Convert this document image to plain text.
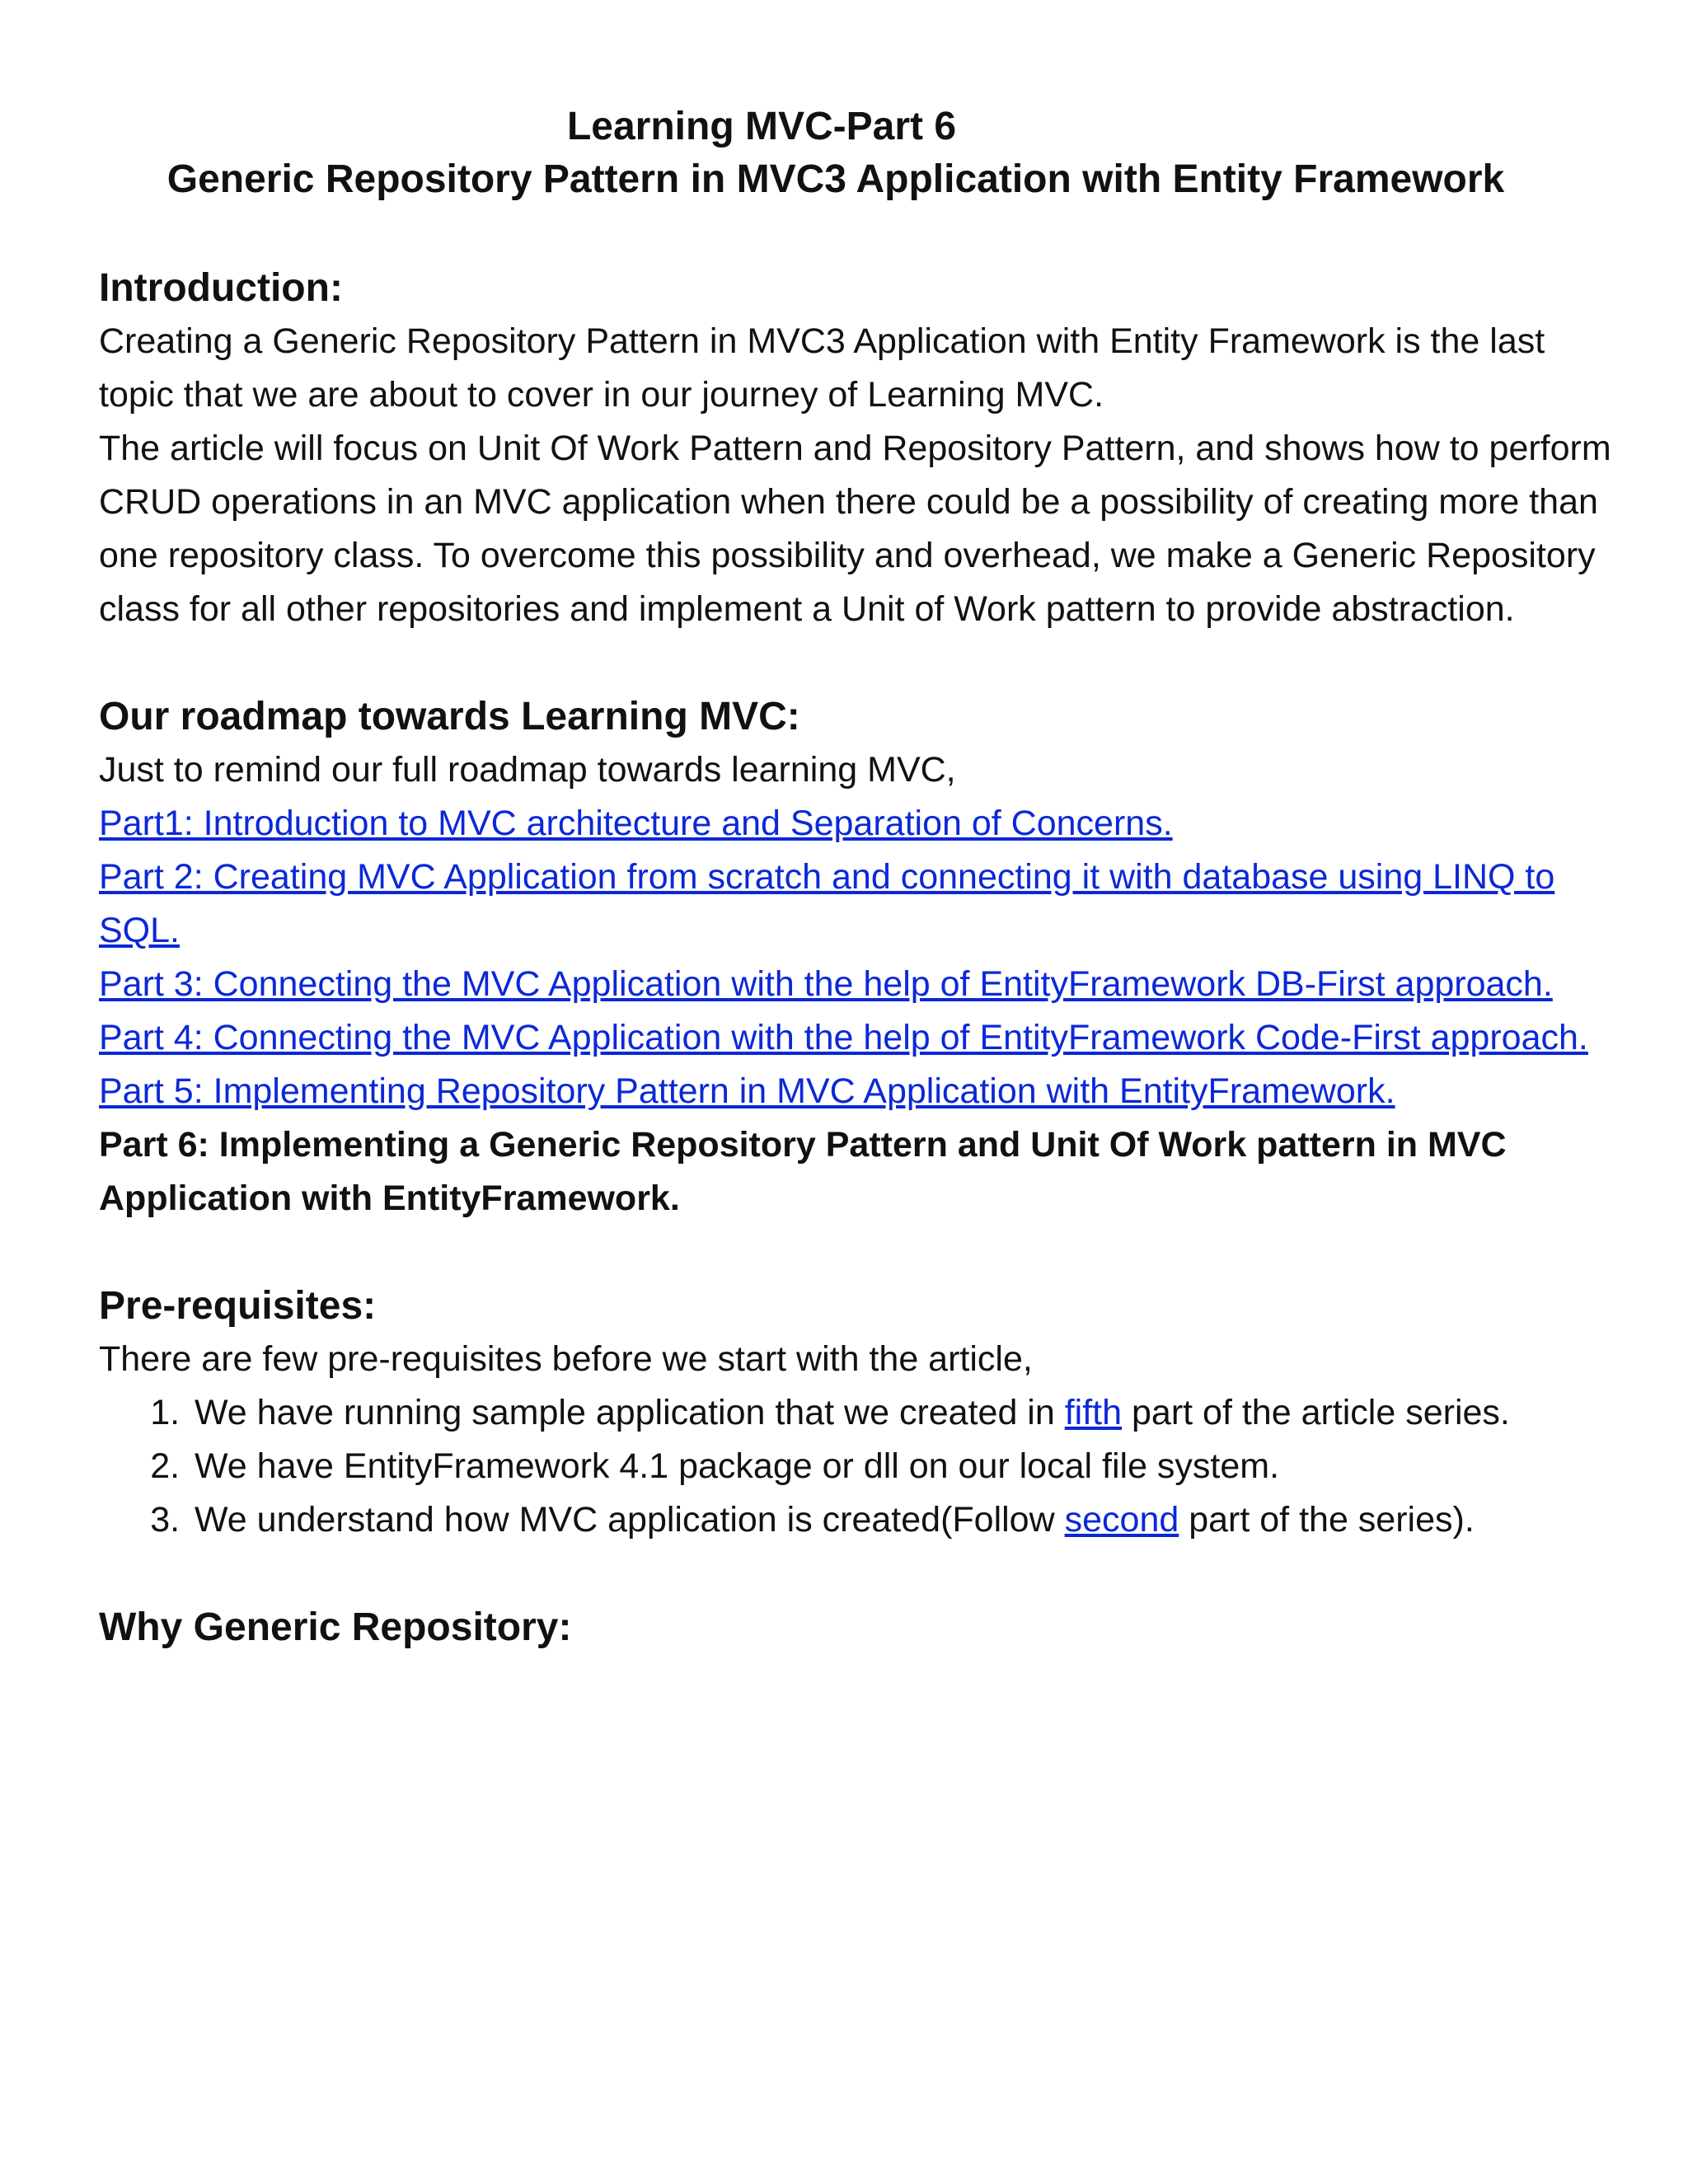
Learning MVC-Part 6
Generic Repository Pattern in MVC3 Application with Entity Framework
Introduction:

Creating a Generic Repository Pattern in MVC3 Application with Entity Framework is the last topic that we are about to cover in our journey of Learning MVC.

The article will focus on Unit Of Work Pattern and Repository Pattern, and shows how to perform CRUD operations in an MVC application when there could be a possibility of creating more than one repository class. To overcome this possibility and overhead, we make a Generic Repository class for all other repositories and implement a Unit of Work pattern to provide abstraction.

Our roadmap towards Learning MVC:

Just to remind our full roadmap towards learning MVC,

Part1: Introduction to MVC architecture and Separation of Concerns.
Part 2: Creating MVC Application from scratch and connecting it with database using LINQ to SQL.
Part 3: Connecting the MVC Application with the help of EntityFramework DB-First approach.
Part 4: Connecting the MVC Application with the help of EntityFramework Code-First approach.
Part 5: Implementing Repository Pattern in MVC Application with EntityFramework.

Part 6: Implementing a Generic Repository Pattern and Unit Of Work pattern in MVC Application with EntityFramework.

Pre-requisites:

There are few pre-requisites before we start with the article,

1. We have running sample application that we created in fifth part of the article series.
2. We have EntityFramework 4.1 package or dll on our local file system.
3. We understand how MVC application is created(Follow second part of the series).
Why Generic Repository:
